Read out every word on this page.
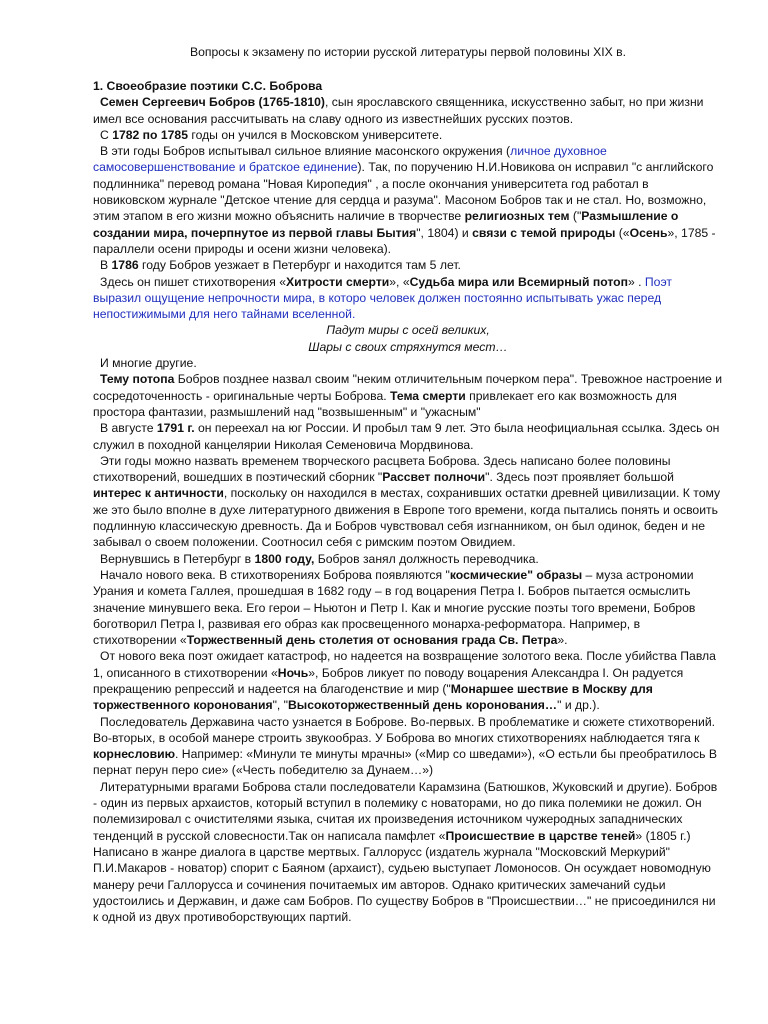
Вопросы к экзамену по истории русской литературы первой половины XIX в.
1. Своеобразие поэтики С.С. Боброва

Семен Сергеевич Бобров (1765-1810), сын ярославского священника, искусственно забыт, но при жизни имел все основания рассчитывать на славу одного из известнейших русских поэтов.

С 1782 по 1785 годы он учился в Московском университете.

В эти годы Бобров испытывал сильное влияние масонского окружения (личное духовное самосовершенствование и братское единение). Так, по поручению Н.И.Новикова он исправил "с английского подлинника" перевод романа "Новая Киропедия" , а после окончания университета год работал в новиковском журнале "Детское чтение для сердца и разума". Масоном Бобров так и не стал. Но, возможно, этим этапом в его жизни можно объяснить наличие в творчестве религиозных тем ("Размышление о создании мира, почерпнутое из первой главы Бытия", 1804) и связи с темой природы («Осень», 1785 - параллели осени природы и осени жизни человека).

В 1786 году Бобров уезжает в Петербург и находится там 5 лет.

Здесь он пишет стихотворения «Хитрости смерти», «Судьба мира или Всемирный потоп» . Поэт выразил ощущение непрочности мира, в которо человек должен постоянно испытывать ужас перед непостижимыми для него тайнами вселенной.

Падут миры с осей великих,

Шары с своих стряхнутся мест…

И многие другие.

Тему потопа Бобров позднее назвал своим "неким отличительным почерком пера". Тревожное настроение и сосредоточенность - оригинальные черты Боброва. Тема смерти привлекает его как возможность для простора фантазии, размышлений над "возвышенным" и "ужасным"

В августе 1791 г. он переехал на юг России. И пробыл там 9 лет. Это была неофициальная ссылка. Здесь он служил в походной канцелярии Николая Семеновича Мордвинова.

Эти годы можно назвать временем творческого расцвета Боброва. Здесь написано более половины стихотворений, вошедших в поэтический сборник "Рассвет полночи". Здесь поэт проявляет большой интерес к античности, поскольку он находился в местах, сохранивших остатки древней цивилизации. К тому же это было вполне в духе литературного движения в Европе того времени, когда пытались понять и освоить подлинную классическую древность. Да и Бобров чувствовал себя изгнанником, он был одинок, беден и не забывал о своем положении. Соотносил себя с римским поэтом Овидием.

Вернувшись в Петербург в 1800 году, Бобров занял должность переводчика.

Начало нового века. В стихотворениях Боброва появляются "космические" образы – муза астрономии Урания и комета Галлея, прошедшая в 1682 году – в год воцарения Петра I. Бобров пытается осмыслить значение минувшего века. Его герои – Ньютон и Петр I. Как и многие русские поэты того времени, Бобров боготворил Петра I, развивая его образ как просвещенного монарха-реформатора. Например, в стихотворении «Торжественный день столетия от основания града Св. Петра».

От нового века поэт ожидает катастроф, но надеется на возвращение золотого века. После убийства Павла 1, описанного в стихотворении «Ночь», Бобров ликует по поводу воцарения Александра I. Он радуется прекращению репрессий и надеется на благоденствие и мир ("Монаршее шествие в Москву для торжественного коронования", "Высокоторжественный день коронования…" и др.).

Последователь Державина часто узнается в Боброве. Во-первых. В проблематике и сюжете стихотворений. Во-вторых, в особой манере строить звукообраз. У Боброва во многих стихотворениях наблюдается тяга к корнесловию. Например: «Минули те минуты мрачны» («Мир со шведами»), «О естьли бы преобратилось В пернат перун перо сие» («Честь победителю за Дунаем…»)

Литературными врагами Боброва стали последователи Карамзина (Батюшков, Жуковский и другие). Бобров - один из первых архаистов, который вступил в полемику с новаторами, но до пика полемики не дожил. Он полемизировал с очистителями языка, считая их произведения источником чужеродных западнических тенденций в русской словесности.Так он написала памфлет «Происшествие в царстве теней» (1805 г.) Написано в жанре диалога в царстве мертвых. Галлорусс (издатель журнала "Московский Меркурий" П.И.Макаров - новатор) спорит с Баяном (архаист), судьею выступает Ломоносов. Он осуждает новомодную манеру речи Галлорусса и сочинения почитаемых им авторов. Однако критических замечаний судьи удостоились и Державин, и даже сам Бобров. По существу Бобров в "Происшествии…" не присоединился ни к одной из двух противоборствующих партий.
